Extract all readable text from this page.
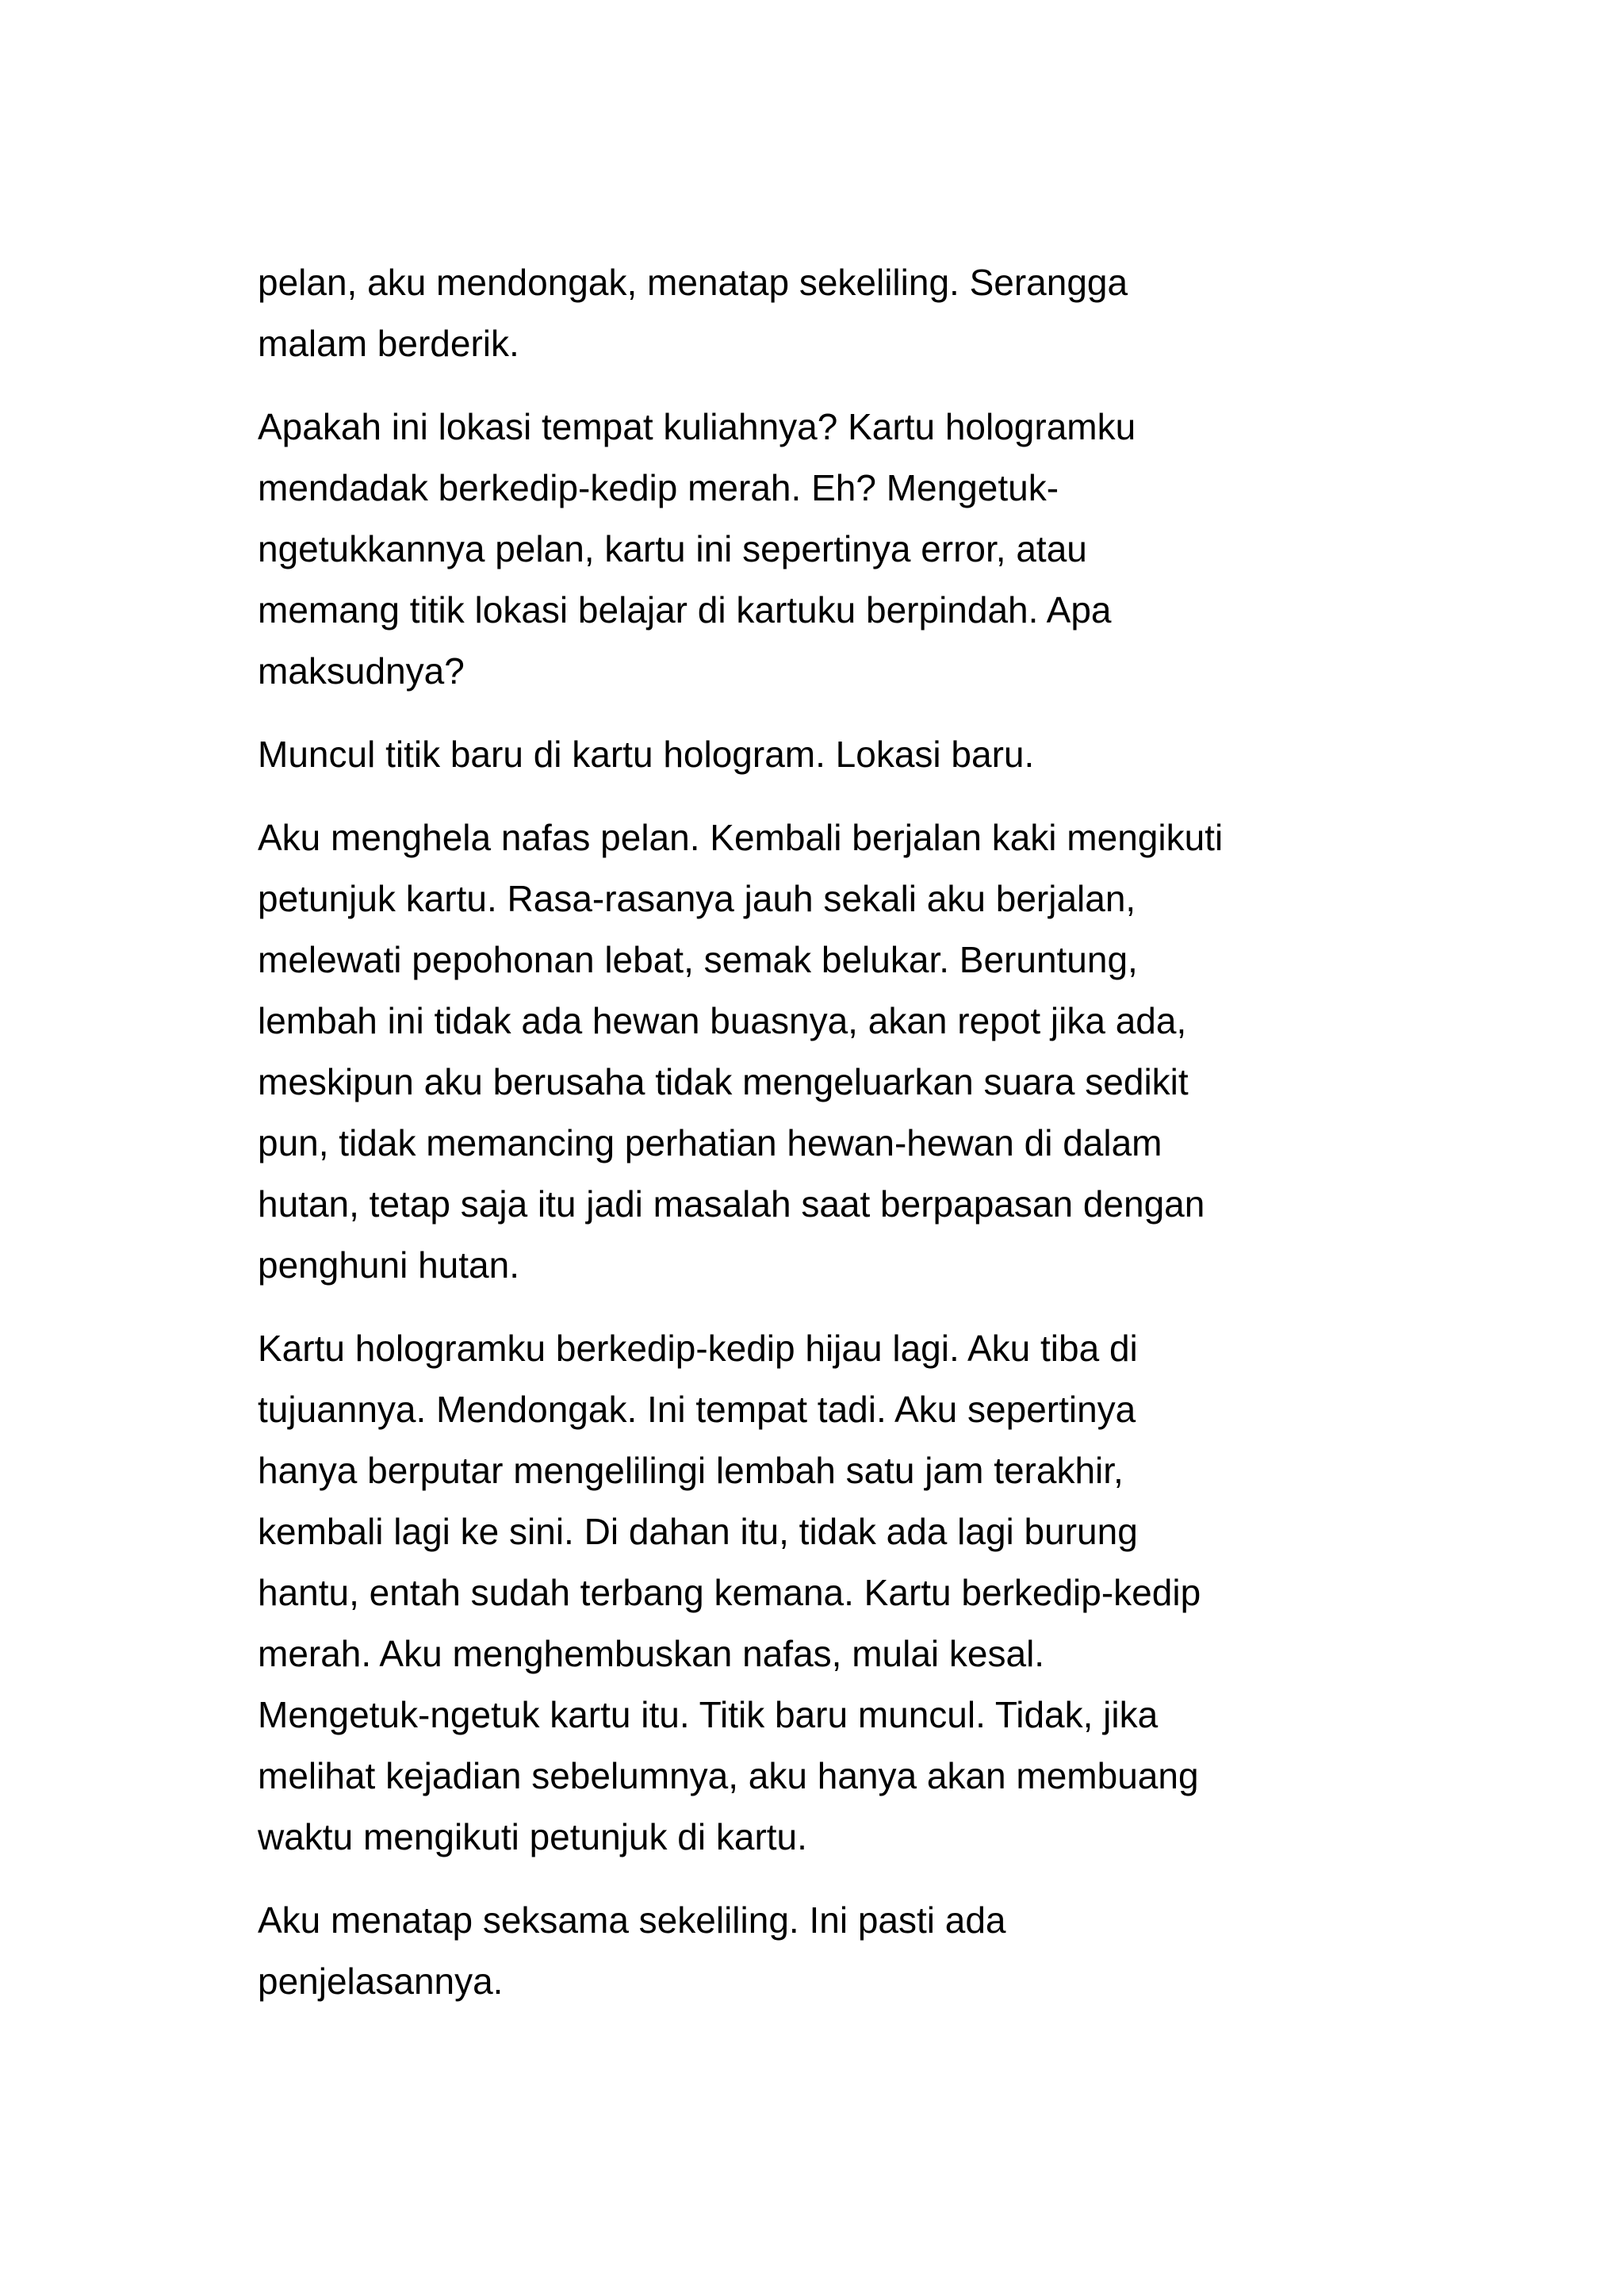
pelan, aku mendongak, menatap sekeliling. Serangga
malam berderik.

Apakah ini lokasi tempat kuliahnya? Kartu hologramku
mendadak berkedip-kedip merah. Eh? Mengetuk-
ngetukkannya pelan, kartu ini sepertinya error, atau
memang titik lokasi belajar di kartuku berpindah. Apa
maksudnya?

Muncul titik baru di kartu hologram. Lokasi baru.

Aku menghela nafas pelan. Kembali berjalan kaki mengikuti
petunjuk kartu. Rasa-rasanya jauh sekali aku berjalan,
melewati pepohonan lebat, semak belukar. Beruntung,
lembah ini tidak ada hewan buasnya, akan repot jika ada,
meskipun aku berusaha tidak mengeluarkan suara sedikit
pun, tidak memancing perhatian hewan-hewan di dalam
hutan, tetap saja itu jadi masalah saat berpapasan dengan
penghuni hutan.

Kartu hologramku berkedip-kedip hijau lagi. Aku tiba di
tujuannya. Mendongak. Ini tempat tadi. Aku sepertinya
hanya berputar mengelilingi lembah satu jam terakhir,
kembali lagi ke sini. Di dahan itu, tidak ada lagi burung
hantu, entah sudah terbang kemana. Kartu berkedip-kedip
merah. Aku menghembuskan nafas, mulai kesal.
Mengetuk-ngetuk kartu itu. Titik baru muncul. Tidak, jika
melihat kejadian sebelumnya, aku hanya akan membuang
waktu mengikuti petunjuk di kartu.

Aku menatap seksama sekeliling. Ini pasti ada
penjelasannya.
